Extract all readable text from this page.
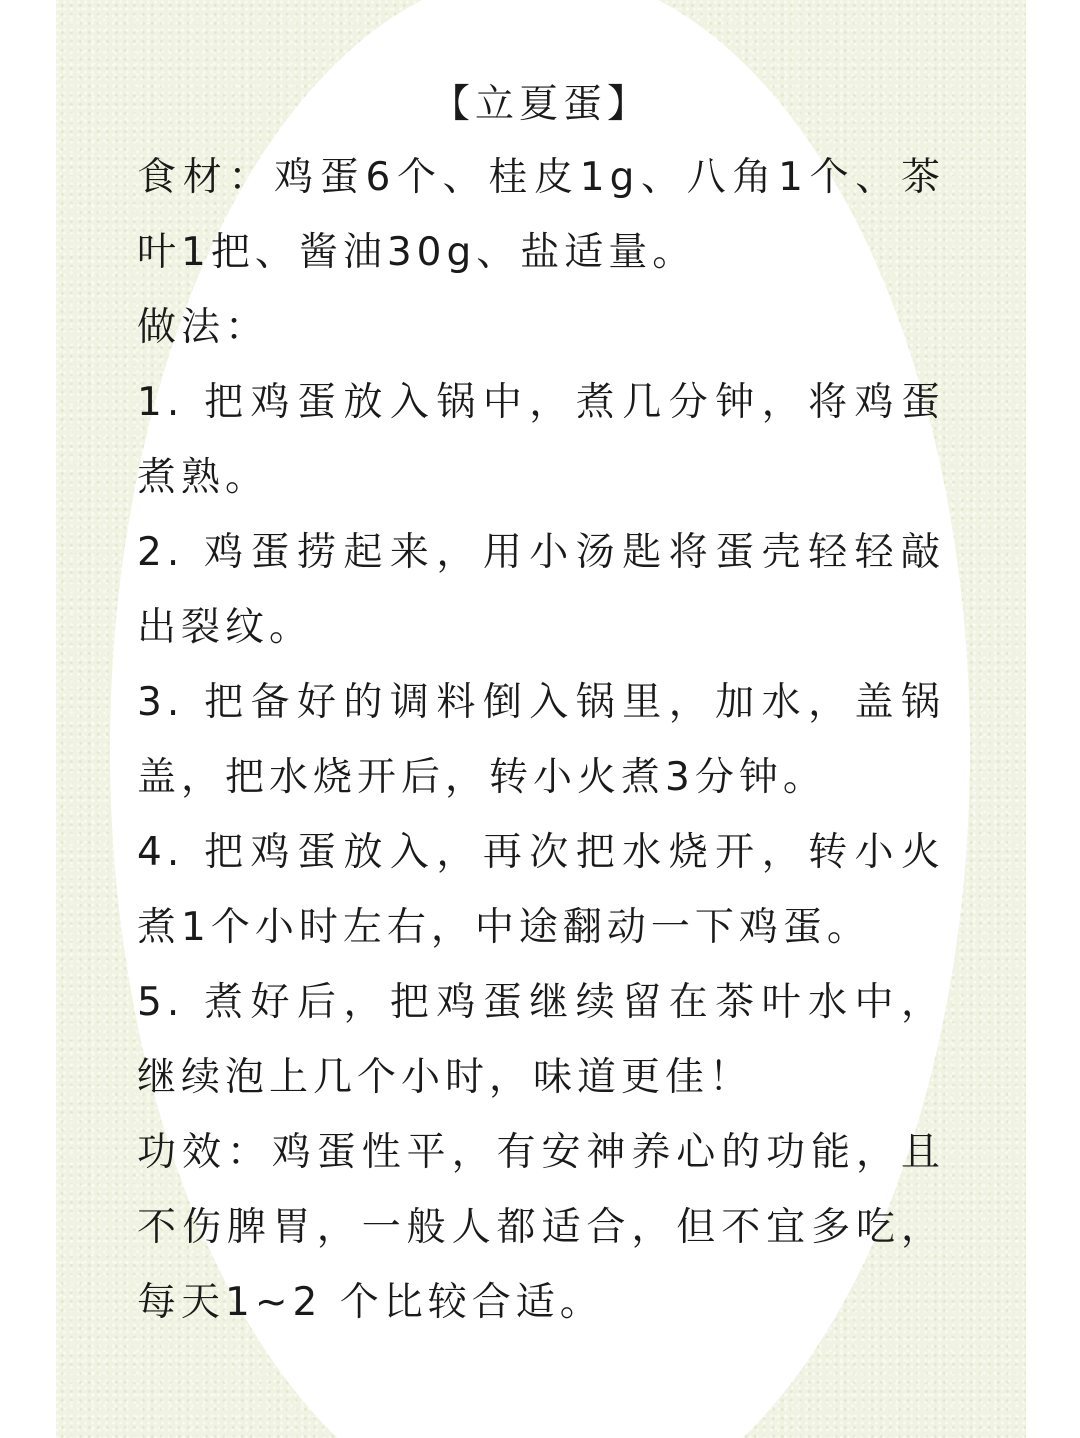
【立夏蛋】

食材：鸡蛋6个、桂皮1g、八角1个、茶叶1把、酱油30g、盐适量。

做法：

1. 把鸡蛋放入锅中，煮几分钟，将鸡蛋煮熟。

2. 鸡蛋捞起来，用小汤匙将蛋壳轻轻敲出裂纹。

3. 把备好的调料倒入锅里，加水，盖锅盖，把水烧开后，转小火煮3分钟。

4. 把鸡蛋放入，再次把水烧开，转小火煮1个小时左右，中途翻动一下鸡蛋。

5. 煮好后，把鸡蛋继续留在茶叶水中，继续泡上几个小时，味道更佳！

功效：鸡蛋性平，有安神养心的功能，且不伤脾胃，一般人都适合，但不宜多吃，每天1~2 个比较合适。
